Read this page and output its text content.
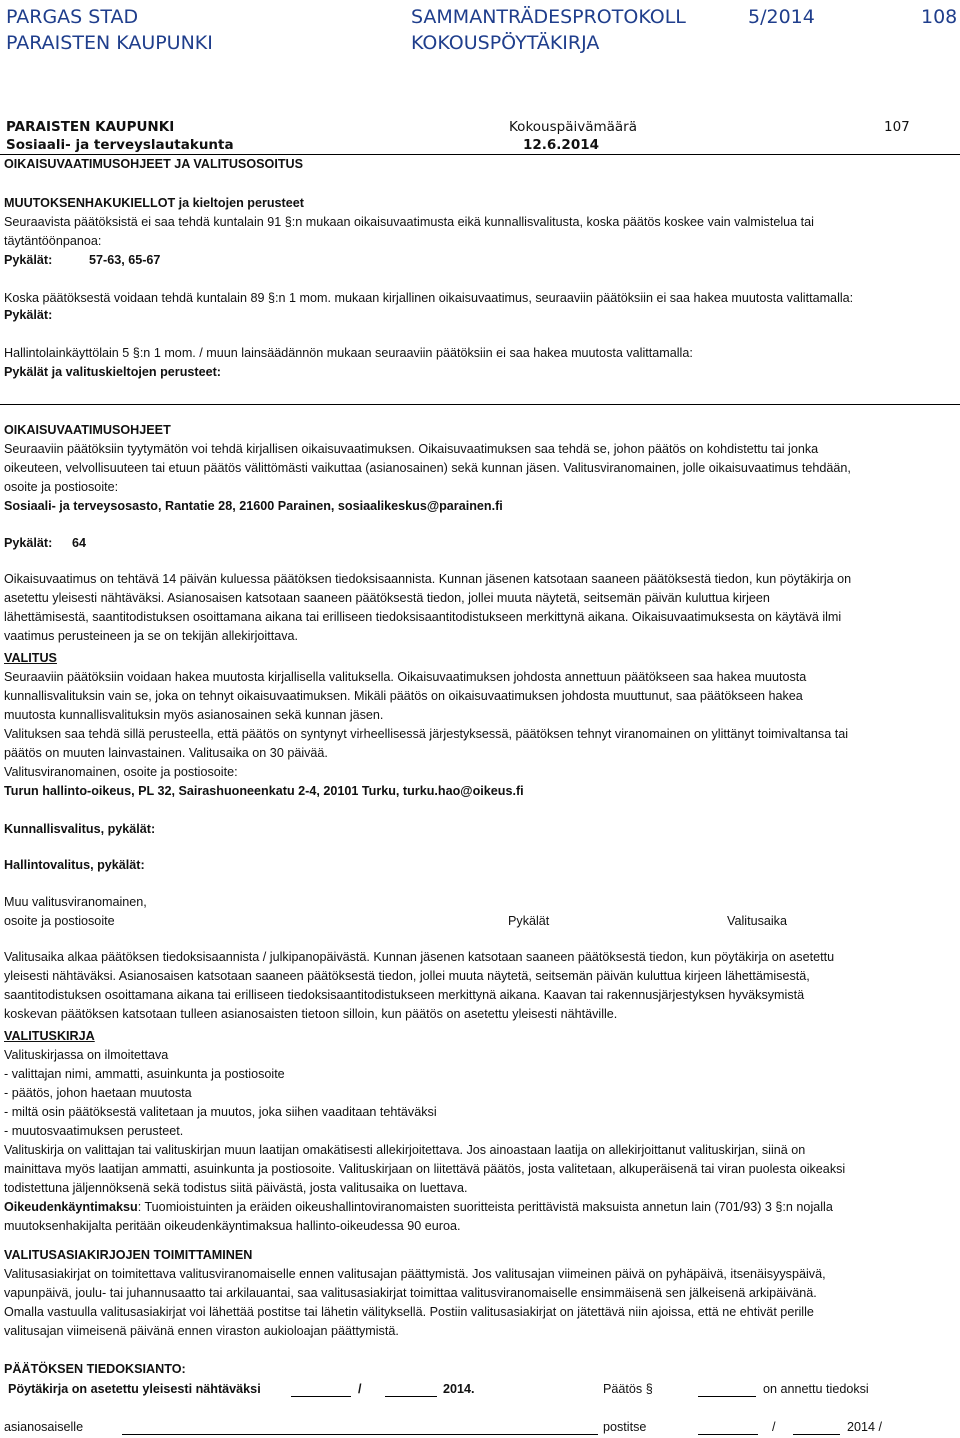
PARGAS STAD
PARAISTEN KAUPUNKI
SAMMANTRÄDESPROTOKOLL
KOKOUSPÖYTÄKIRJA
5/2014	108
PARAISTEN KAUPUNKI
Sosiaali- ja terveyslautakunta
Kokouspäivämäärä
12.6.2014
107
OIKAISUVAATIMUSOHJEET JA VALITUSOSOITUS
MUUTOKSENHAKUKIELLOT ja kieltojen perusteet
Seuraavista päätöksistä ei saa tehdä kuntalain 91 §:n mukaan oikaisuvaatimusta eikä kunnallisvalitusta, koska päätös koskee vain valmistelua tai
täytäntöönpanoa:
Pykälät:	57-63, 65-67
Koska päätöksestä voidaan tehdä kuntalain 89 §:n 1 mom. mukaan kirjallinen oikaisuvaatimus, seuraaviin päätöksiin ei saa hakea muutosta valittamalla:
Pykälät:
Hallintolainkäyttölain 5 §:n 1 mom. / muun lainsäädännön mukaan seuraaviin päätöksiin ei saa hakea muutosta valittamalla:
Pykälät ja valituskieltojen perusteet:
OIKAISUVAATIMUSOHJEET
Seuraaviin päätöksiin tyytymätön voi tehdä kirjallisen oikaisuvaatimuksen. Oikaisuvaatimuksen saa tehdä se, johon päätös on kohdistettu tai jonka
oikeuteen, velvollisuuteen tai etuun päätös välittömästi vaikuttaa (asianosainen) sekä kunnan jäsen. Valitusviranomainen, jolle oikaisuvaatimus tehdään,
osoite ja postiosoite:
Sosiaali- ja terveysosasto, Rantatie 28, 21600 Parainen, sosiaalikeskus@parainen.fi
Pykälät: 64
Oikaisuvaatimus on tehtävä 14 päivän kuluessa päätöksen tiedoksisaannista. Kunnan jäsenen katsotaan saaneen päätöksestä tiedon, kun pöytäkirja on
asetettu yleisesti nähtäväksi. Asianosaisen katsotaan saaneen päätöksestä tiedon, jollei muuta näytetä, seitsemän päivän kuluttua kirjeen
lähettämisestä, saantitodistuksen osoittamana aikana tai erilliseen tiedoksisaantitodistukseen merkittynä aikana. Oikaisuvaatimuksesta on käytävä ilmi
vaatimus perusteineen ja se on tekijän allekirjoittava.
VALITUS
Seuraaviin päätöksiin voidaan hakea muutosta kirjallisella valituksella. Oikaisuvaatimuksen johdosta annettuun päätökseen saa hakea muutosta
kunnallisvalituksin vain se, joka on tehnyt oikaisuvaatimuksen. Mikäli päätös on oikaisuvaatimuksen johdosta muuttunut, saa päätökseen hakea
muutosta kunnallisvalituksin myös asianosainen sekä kunnan jäsen.
Valituksen saa tehdä sillä perusteella, että päätös on syntynyt virheellisessä järjestyksessä, päätöksen tehnyt viranomainen on ylittänyt toimivaltansa tai
päätös on muuten lainvastainen. Valitusaika on 30 päivää.
Valitusviranomainen, osoite ja postiosoite:
Turun hallinto-oikeus, PL 32, Sairashuoneenkatu 2-4, 20101 Turku, turku.hao@oikeus.fi
Kunnallisvalitus, pykälät:
Hallintovalitus, pykälät:
Muu valitusviranomainen,
osoite ja postiosoite	Pykälät	Valitusaika
Valitusaika alkaa päätöksen tiedoksisaannista / julkipanopäivästä. Kunnan jäsenen katsotaan saaneen päätöksestä tiedon, kun pöytäkirja on asetettu
yleisesti nähtäväksi. Asianosaisen katsotaan saaneen päätöksestä tiedon, jollei muuta näytetä, seitsemän päivän kuluttua kirjeen lähettämisestä,
saantitodistuksen osoittamana aikana tai erilliseen tiedoksisaantitodistukseen merkittynä aikana. Kaavan tai rakennusjärjestyksen hyväksymistä
koskevan päätöksen katsotaan tulleen asianosaisten tietoon silloin, kun päätös on asetettu yleisesti nähtäville.
VALITUSKIRJA
Valituskirjassa on ilmoitettava
- valittajan nimi, ammatti, asuinkunta ja postiosoite
- päätös, johon haetaan muutosta
- miltä osin päätöksestä valitetaan ja muutos, joka siihen vaaditaan tehtäväksi
- muutosvaatimuksen perusteet.
Valituskirja on valittajan tai valituskirjan muun laatijan omakätisesti allekirjoitettava. Jos ainoastaan laatija on allekirjoittanut valituskirjan, siinä on
mainittava myös laatijan ammatti, asuinkunta ja postiosoite. Valituskirjaan on liitettävä päätös, josta valitetaan, alkuperäisenä tai viran puolesta oikeaksi
todistettuna jäljennöksenä sekä todistus siitä päivästä, josta valitusaika on luettava.
Oikeudenkäyntimaksu: Tuomioistuinten ja eräiden oikeushallintoviranomaisten suoritteista perittävistä maksuista annetun lain (701/93) 3 §:n nojalla
muutoksenhakijalta peritään oikeudenkäyntimaksua hallinto-oikeudessa 90 euroa.
VALITUSASIAKIRJOJEN TOIMITTAMINEN
Valitusasiakirjat on toimitettava valitusviranomaiselle ennen valitusajan päättymistä. Jos valitusajan viimeinen päivä on pyhäpäivä, itsenäisyyspäivä,
vapunpäivä, joulu- tai juhannusaatto tai arkilauantai, saa valitusasiakirjat toimittaa valitusviranomaiselle ensimmäisenä sen jälkeisenä arkipäivänä.
Omalla vastuulla valitusasiakirjat voi lähettää postitse tai lähetin välityksellä. Postiin valitusasiakirjat on jätettävä niin ajoissa, että ne ehtivät perille
valitusajan viimeisenä päivänä ennen viraston aukioloajan päättymistä.
PÄÄTÖKSEN TIEDOKSIANTO:
Pöytäkirja on asetettu yleisesti nähtäväksi	/	2014.	Päätös §	on annettu tiedoksi
asianosaiselle	postitse	/	2014 /
